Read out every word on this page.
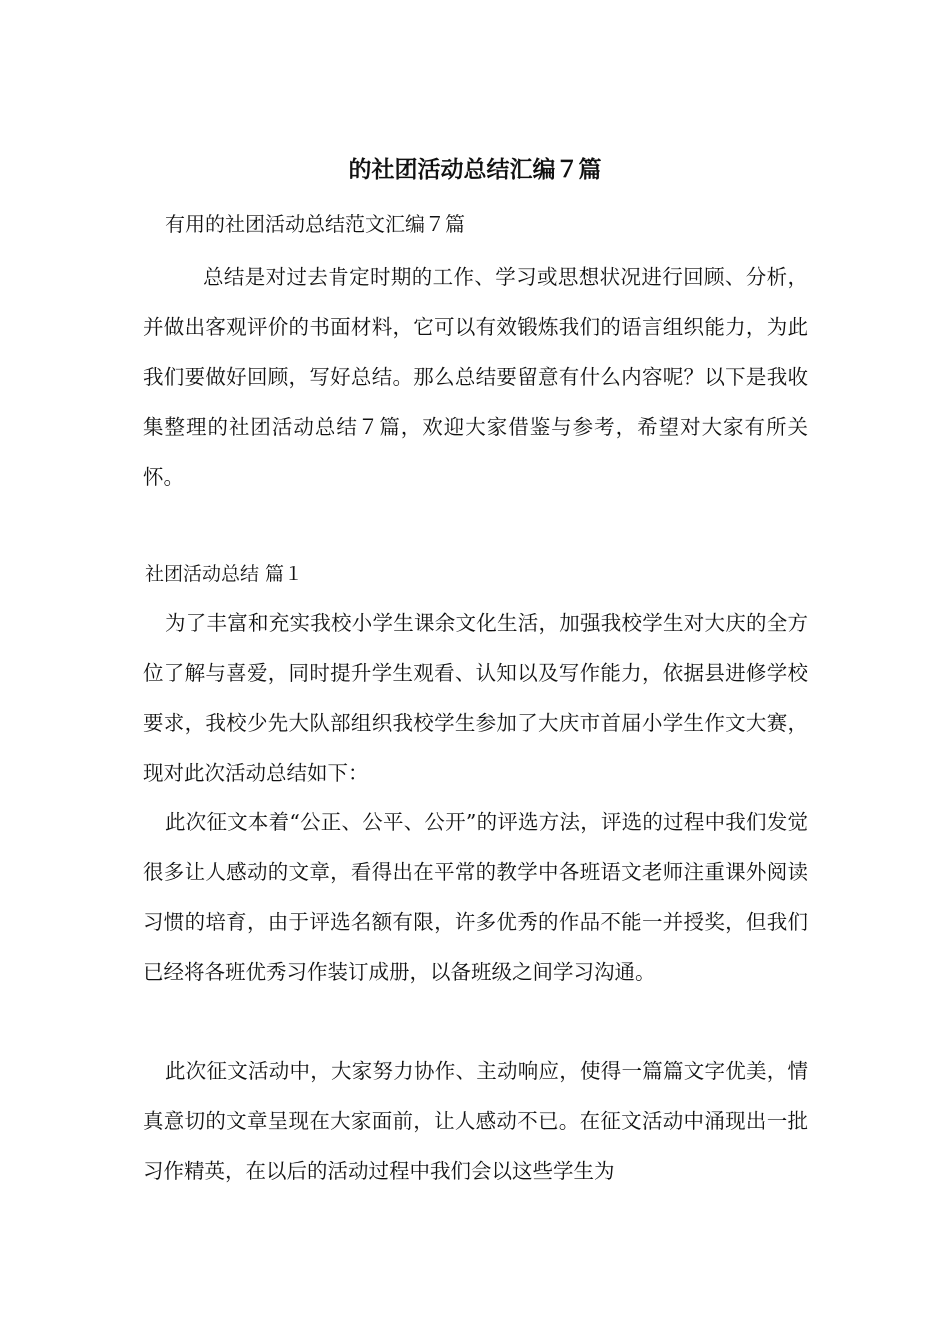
的社团活动总结汇编７篇

有用的社团活动总结范文汇编７篇

总结是对过去肯定时期的工作、学习或思想状况进行回顾、分析，并做出客观评价的书面材料，它可以有效锻炼我们的语言组织能力，为此我们要做好回顾，写好总结。那么总结要留意有什么内容呢？以下是我收集整理的社团活动总结７篇，欢迎大家借鉴与参考，希望对大家有所关怀。

社团活动总结 篇１

为了丰富和充实我校小学生课余文化生活，加强我校学生对大庆的全方位了解与喜爱，同时提升学生观看、认知以及写作能力，依据县进修学校要求，我校少先大队部组织我校学生参加了大庆市首届小学生作文大赛，现对此次活动总结如下：

此次征文本着“公正、公平、公开”的评选方法，评选的过程中我们发觉很多让人感动的文章，看得出在平常的教学中各班语文老师注重课外阅读习惯的培育，由于评选名额有限，许多优秀的作品不能一并授奖，但我们已经将各班优秀习作装订成册，以备班级之间学习沟通。

此次征文活动中，大家努力协作、主动响应，使得一篇篇文字优美，情真意切的文章呈现在大家面前，让人感动不已。在征文活动中涌现出一批习作精英，在以后的活动过程中我们会以这些学生为
